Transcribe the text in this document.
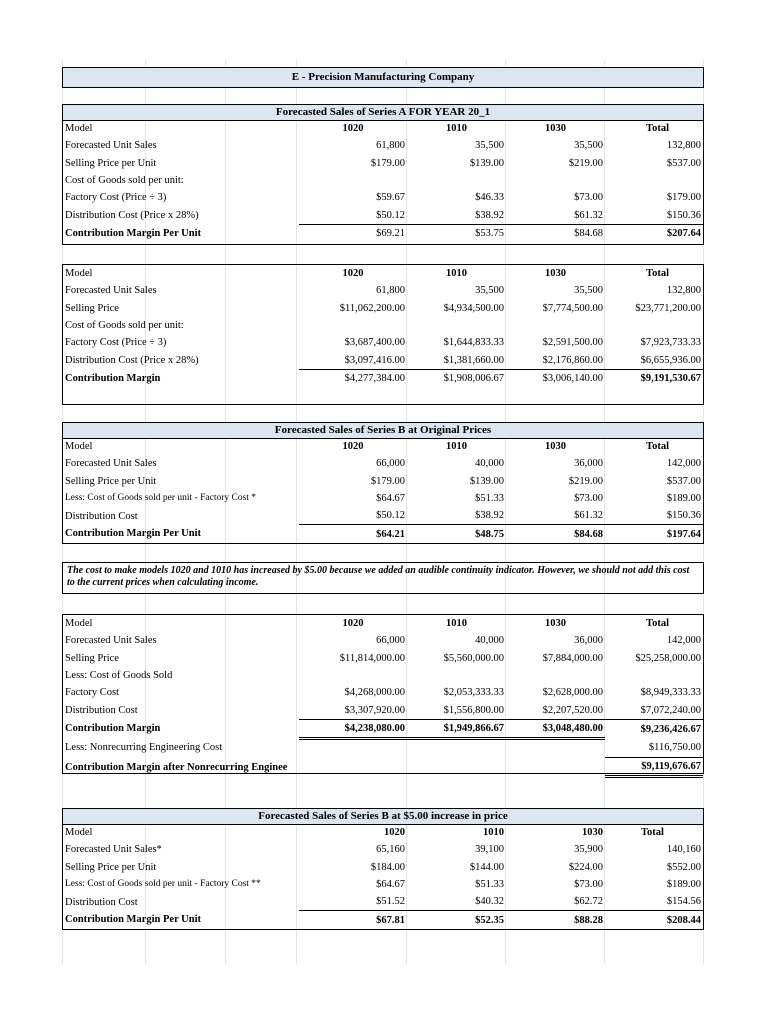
E - Precision Manufacturing Company
Forecasted Sales of Series A FOR YEAR 20_1
Model	1020	1010	1030	Total
Forecasted Unit Sales	61,800	35,500	35,500	132,800
Selling Price per Unit	$179.00	$139.00	$219.00	$537.00
Cost of Goods sold per unit:				
Factory Cost (Price ÷ 3)	$59.67	$46.33	$73.00	$179.00
Distribution Cost (Price x 28%)	$50.12	$38.92	$61.32	$150.36
Contribution Margin Per Unit	$69.21	$53.75	$84.68	$207.64
Model	1020	1010	1030	Total
Forecasted Unit Sales	61,800	35,500	35,500	132,800
Selling Price	$11,062,200.00	$4,934,500.00	$7,774,500.00	$23,771,200.00
Cost of Goods sold per unit:				
Factory Cost (Price ÷ 3)	$3,687,400.00	$1,644,833.33	$2,591,500.00	$7,923,733.33
Distribution Cost (Price x 28%)	$3,097,416.00	$1,381,660.00	$2,176,860.00	$6,655,936.00
Contribution Margin	$4,277,384.00	$1,908,006.67	$3,006,140.00	$9,191,530.67
Forecasted Sales of Series B at Original Prices
Model	1020	1010	1030	Total
Forecasted Unit Sales	66,000	40,000	36,000	142,000
Selling Price per Unit	$179.00	$139.00	$219.00	$537.00
Less: Cost of Goods sold per unit - Factory Cost *	$64.67	$51.33	$73.00	$189.00
Distribution Cost	$50.12	$38.92	$61.32	$150.36
Contribution Margin Per Unit	$64.21	$48.75	$84.68	$197.64
The cost to make models 1020 and 1010 has increased by $5.00 because we added an audible continuity indicator. However, we should not add this cost to the current prices when calculating income.
Model	1020	1010	1030	Total
Forecasted Unit Sales	66,000	40,000	36,000	142,000
Selling Price	$11,814,000.00	$5,560,000.00	$7,884,000.00	$25,258,000.00
Less: Cost of Goods Sold				
Factory Cost	$4,268,000.00	$2,053,333.33	$2,628,000.00	$8,949,333.33
Distribution Cost	$3,307,920.00	$1,556,800.00	$2,207,520.00	$7,072,240.00
Contribution Margin	$4,238,080.00	$1,949,866.67	$3,048,480.00	$9,236,426.67
Less: Nonrecurring Engineering Cost				$116,750.00
Contribution Margin after Nonrecurring Enginee				$9,119,676.67
Forecasted Sales of Series B at $5.00 increase in price
Model	1020	1010	1030	Total
Forecasted Unit Sales*	65,160	39,100	35,900	140,160
Selling Price per Unit	$184.00	$144.00	$224.00	$552.00
Less: Cost of Goods sold per unit - Factory Cost **	$64.67	$51.33	$73.00	$189.00
Distribution Cost	$51.52	$40.32	$62.72	$154.56
Contribution Margin Per Unit	$67.81	$52.35	$88.28	$208.44
